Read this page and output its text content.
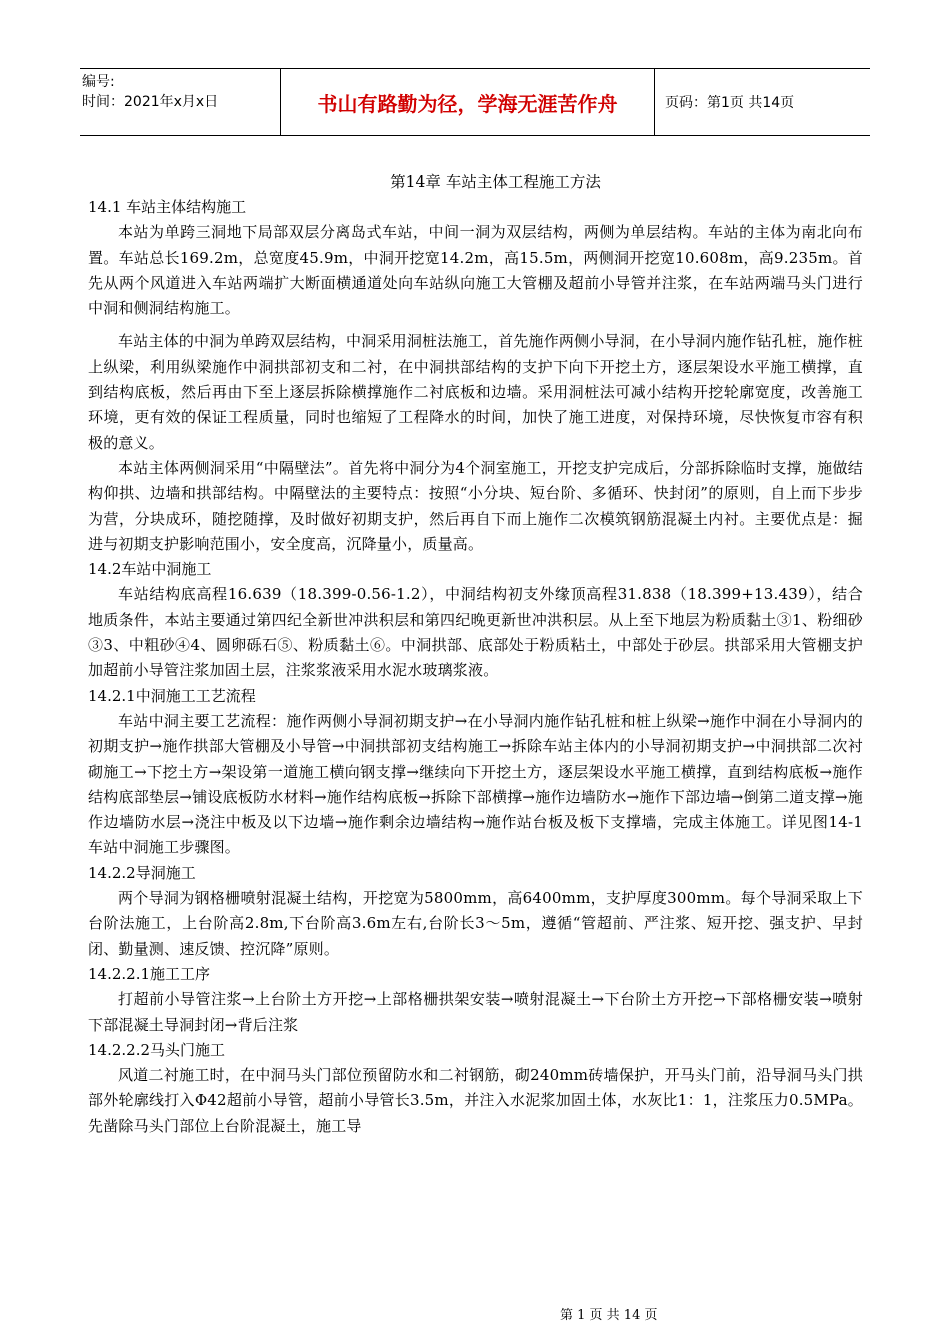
编号:
时间：2021年x月x日	书山有路勤为径，学海无涯苦作舟	页码：第1页 共14页
第14章 车站主体工程施工方法
14.1 车站主体结构施工

本站为单跨三洞地下局部双层分离岛式车站，中间一洞为双层结构，两侧为单层结构。车站的主体为南北向布置。车站总长169.2m，总宽度45.9m，中洞开挖宽14.2m，高15.5m，两侧洞开挖宽10.608m，高9.235m。首先从两个风道进入车站两端扩大断面横通道处向车站纵向施工大管棚及超前小导管并注浆，在车站两端马头门进行中洞和侧洞结构施工。

车站主体的中洞为单跨双层结构，中洞采用洞桩法施工，首先施作两侧小导洞，在小导洞内施作钻孔桩，施作桩上纵梁，利用纵梁施作中洞拱部初支和二衬，在中洞拱部结构的支护下向下开挖土方，逐层架设水平施工横撑，直到结构底板，然后再由下至上逐层拆除横撑施作二衬底板和边墙。采用洞桩法可减小结构开挖轮廓宽度，改善施工环境，更有效的保证工程质量，同时也缩短了工程降水的时间，加快了施工进度，对保持环境，尽快恢复市容有积极的意义。

本站主体两侧洞采用“中隔壁法”。首先将中洞分为4个洞室施工，开挖支护完成后，分部拆除临时支撑，施做结构仰拱、边墙和拱部结构。中隔壁法的主要特点：按照“小分块、短台阶、多循环、快封闭”的原则，自上而下步步为营，分块成环，随挖随撑，及时做好初期支护，然后再自下而上施作二次模筑钢筋混凝土内衬。主要优点是：掘进与初期支护影响范围小，安全度高，沉降量小，质量高。

14.2车站中洞施工

车站结构底高程16.639（18.399-0.56-1.2），中洞结构初支外缘顶高程31.838（18.399+13.439），结合地质条件，本站主要通过第四纪全新世冲洪积层和第四纪晚更新世冲洪积层。从上至下地层为粉质黏土③1、粉细砂③3、中粗砂④4、圆卵砾石⑤、粉质黏土⑥。中洞拱部、底部处于粉质粘土，中部处于砂层。拱部采用大管棚支护加超前小导管注浆加固土层，注浆浆液采用水泥水玻璃浆液。

14.2.1中洞施工工艺流程

车站中洞主要工艺流程：施作两侧小导洞初期支护→在小导洞内施作钻孔桩和桩上纵梁→施作中洞在小导洞内的初期支护→施作拱部大管棚及小导管→中洞拱部初支结构施工→拆除车站主体内的小导洞初期支护→中洞拱部二次衬砌施工→下挖土方→架设第一道施工横向钢支撑→继续向下开挖土方，逐层架设水平施工横撑，直到结构底板→施作结构底部垫层→铺设底板防水材料→施作结构底板→拆除下部横撑→施作边墙防水→施作下部边墙→倒第二道支撑→施作边墙防水层→浇注中板及以下边墙→施作剩余边墙结构→施作站台板及板下支撑墙，完成主体施工。详见图14-1 车站中洞施工步骤图。

14.2.2导洞施工

两个导洞为钢格栅喷射混凝土结构，开挖宽为5800mm，高6400mm，支护厚度300mm。每个导洞采取上下台阶法施工，上台阶高2.8m,下台阶高3.6m左右,台阶长3～5m，遵循“管超前、严注浆、短开挖、强支护、早封闭、勤量测、速反馈、控沉降”原则。

14.2.2.1施工工序

打超前小导管注浆→上台阶土方开挖→上部格栅拱架安装→喷射混凝土→下台阶土方开挖→下部格栅安装→喷射下部混凝土导洞封闭→背后注浆

14.2.2.2马头门施工

风道二衬施工时，在中洞马头门部位预留防水和二衬钢筋，砌240mm砖墙保护，开马头门前，沿导洞马头门拱部外轮廓线打入Φ42超前小导管，超前小导管长3.5m，并注入水泥浆加固土体，水灰比1：1，注浆压力0.5MPa。先凿除马头门部位上台阶混凝土，施工导

第 1 页 共 14 页
